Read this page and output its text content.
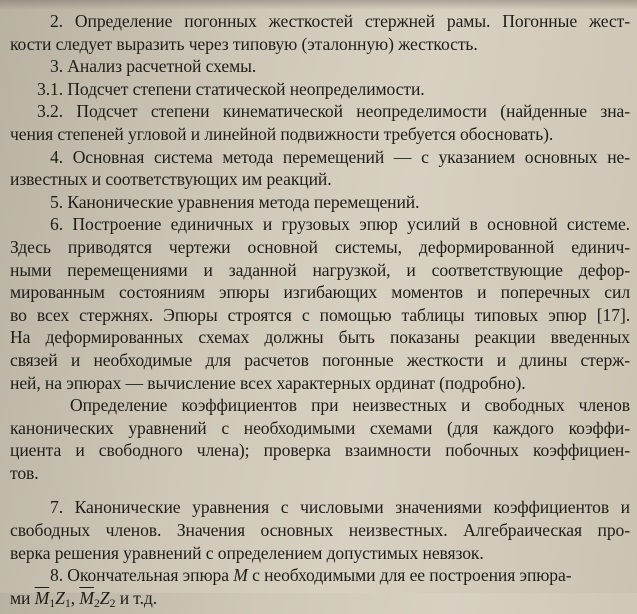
2. Определение погонных жесткостей стержней рамы. Погонные жест-
кости следует выразить через типовую (эталонную) жесткость.
3. Анализ расчетной схемы.
3.1. Подсчет степени статической неопределимости.
3.2. Подсчет степени кинематической неопределимости (найденные зна-
чения степеней угловой и линейной подвижности требуется обосновать).
4. Основная система метода перемещений — с указанием основных не-
известных и соответствующих им реакций.
5. Канонические уравнения метода перемещений.
6. Построение единичных и грузовых эпюр усилий в основной системе.
Здесь приводятся чертежи основной системы, деформированной единич-
ными перемещениями и заданной нагрузкой, и соответствующие дефор-
мированным состояниям эпюры изгибающих моментов и поперечных сил
во всех стержнях. Эпюры строятся с помощью таблицы типовых эпюр [17].
На деформированных схемах должны быть показаны реакции введенных
связей и необходимые для расчетов погонные жесткости и длины стерж-
ней, на эпюрах — вычисление всех характерных ординат (подробно).
Определение коэффициентов при неизвестных и свободных членов
канонических уравнений с необходимыми схемами (для каждого коэффи-
циента и свободного члена); проверка взаимности побочных коэффициен-
тов.
7. Канонические уравнения с числовыми значениями коэффициентов и
свободных членов. Значения основных неизвестных. Алгебраическая про-
верка решения уравнений с определением допустимых невязок.
8. Окончательная эпюра M с необходимыми для ее построения эпюра-
ми $\overline{M}_1Z_1$, $\overline{M}_2Z_2$ и т.д.
